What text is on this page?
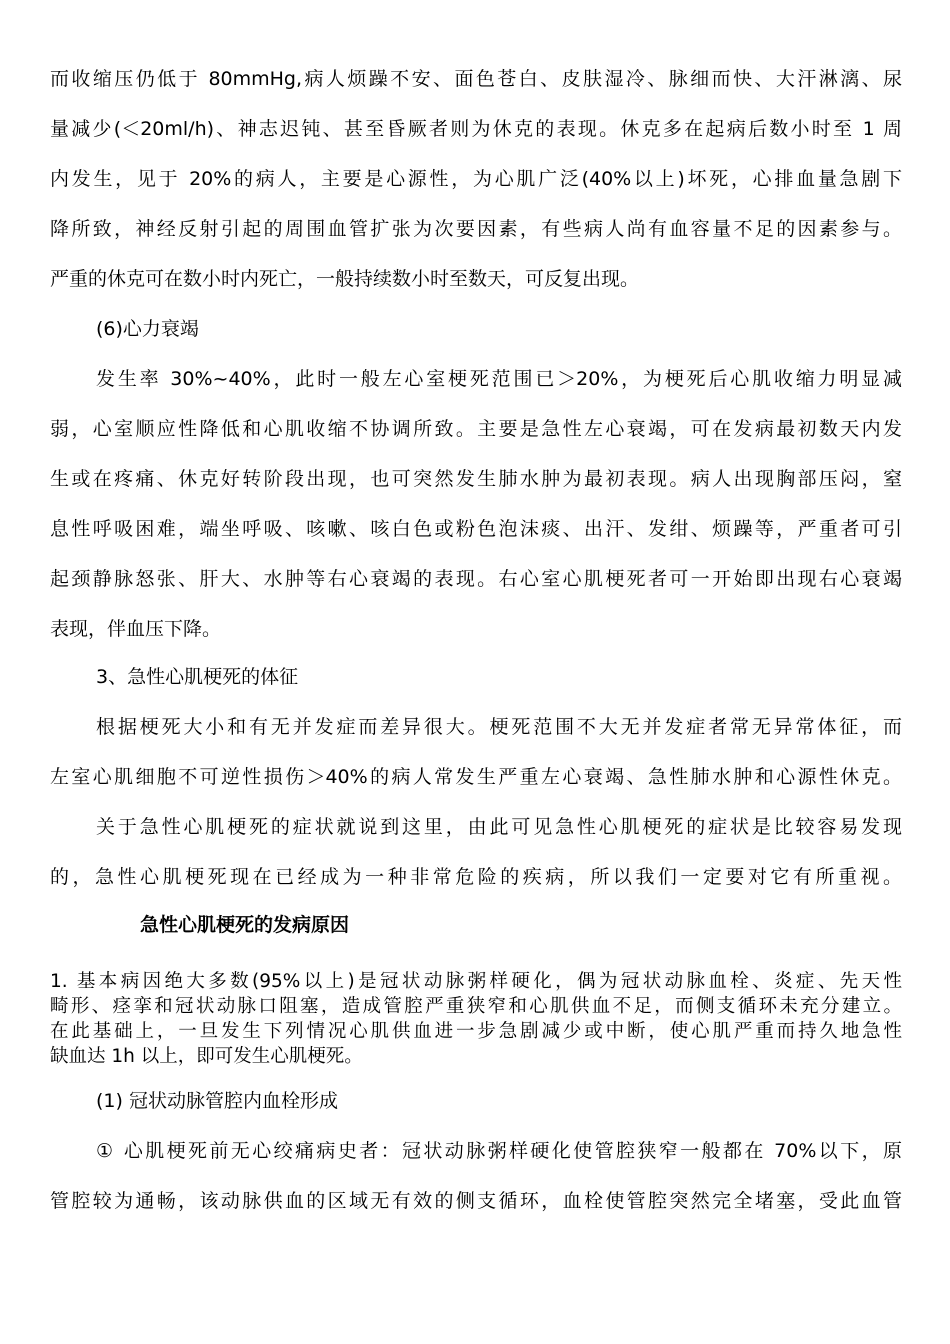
而收缩压仍低于 80mmHg,病人烦躁不安、面色苍白、皮肤湿冷、脉细而快、大汗淋漓、尿
量减少(＜20ml/h)、神志迟钝、甚至昏厥者则为休克的表现。休克多在起病后数小时至 1 周
内发生，见于 20%的病人，主要是心源性，为心肌广泛(40%以上)坏死，心排血量急剧下
降所致，神经反射引起的周围血管扩张为次要因素，有些病人尚有血容量不足的因素参与。
严重的休克可在数小时内死亡，一般持续数小时至数天，可反复出现。
(6)心力衰竭
发生率 30%~40%，此时一般左心室梗死范围已＞20%，为梗死后心肌收缩力明显减
弱，心室顺应性降低和心肌收缩不协调所致。主要是急性左心衰竭，可在发病最初数天内发
生或在疼痛、休克好转阶段出现，也可突然发生肺水肿为最初表现。病人出现胸部压闷，窒
息性呼吸困难，端坐呼吸、咳嗽、咳白色或粉色泡沫痰、出汗、发绀、烦躁等，严重者可引
起颈静脉怒张、肝大、水肿等右心衰竭的表现。右心室心肌梗死者可一开始即出现右心衰竭
表现，伴血压下降。
3、急性心肌梗死的体征
根据梗死大小和有无并发症而差异很大。梗死范围不大无并发症者常无异常体征，而
左室心肌细胞不可逆性损伤＞40%的病人常发生严重左心衰竭、急性肺水肿和心源性休克。
关于急性心肌梗死的症状就说到这里，由此可见急性心肌梗死的症状是比较容易发现
的，急性心肌梗死现在已经成为一种非常危险的疾病，所以我们一定要对它有所重视。
急性心肌梗死的发病原因
1. 基本病因绝大多数(95%以上)是冠状动脉粥样硬化，偶为冠状动脉血栓、炎症、先天性
畸形、痉挛和冠状动脉口阻塞，造成管腔严重狭窄和心肌供血不足，而侧支循环未充分建立。
在此基础上，一旦发生下列情况心肌供血进一步急剧减少或中断，使心肌严重而持久地急性
缺血达 1h 以上，即可发生心肌梗死。
(1) 冠状动脉管腔内血栓形成
① 心肌梗死前无心绞痛病史者：冠状动脉粥样硬化使管腔狭窄一般都在 70%以下，原
管腔较为通畅，该动脉供血的区域无有效的侧支循环，血栓使管腔突然完全堵塞，受此血管
